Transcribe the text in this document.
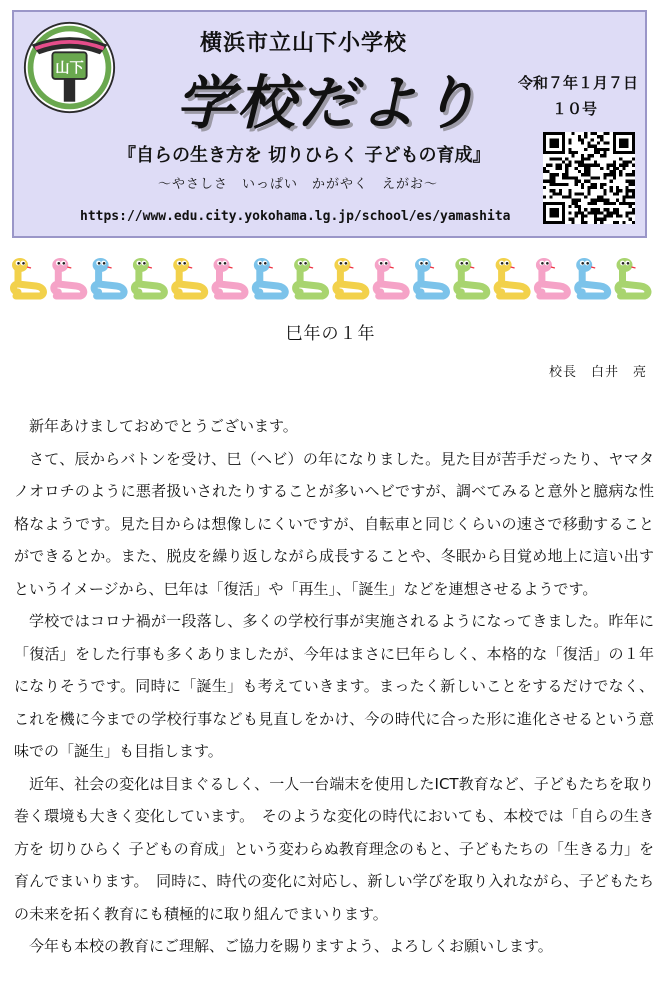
山下
横浜市立山下小学校
学校だより 令和７年１月７日
１０号
『自らの生き方を 切りひらく 子どもの育成』
～やさしさ　いっぱい　かがやく　えがお～
https://www.edu.city.yokohama.lg.jp/school/es/yamashita
巳年の１年
校長　白井　亮

新年あけましておめでとうございます。

さて、辰からバトンを受け、巳（ヘビ）の年になりました。見た目が苦手だったり、ヤマタノオロチのように悪者扱いされたりすることが多いヘビですが、調べてみると意外と臆病な性格なようです。見た目からは想像しにくいですが、自転車と同じくらいの速さで移動することができるとか。また、脱皮を繰り返しながら成長することや、冬眠から目覚め地上に這い出すというイメージから、巳年は「復活」や「再生」、「誕生」などを連想させるようです。

学校ではコロナ禍が一段落し、多くの学校行事が実施されるようになってきました。昨年に「復活」をした行事も多くありましたが、今年はまさに巳年らしく、本格的な「復活」の１年になりそうです。同時に「誕生」も考えていきます。まったく新しいことをするだけでなく、これを機に今までの学校行事なども見直しをかけ、今の時代に合った形に進化させるという意味での「誕生」も目指します。

近年、社会の変化は目まぐるしく、一人一台端末を使用したICT教育など、子どもたちを取り巻く環境も大きく変化しています。　そのような変化の時代においても、本校では「自らの生き方を 切りひらく 子どもの育成」という変わらぬ教育理念のもと、子どもたちの「生きる力」を育んでまいります。　同時に、時代の変化に対応し、新しい学びを取り入れながら、子どもたちの未来を拓く教育にも積極的に取り組んでまいります。

今年も本校の教育にご理解、ご協力を賜りますよう、よろしくお願いします。
